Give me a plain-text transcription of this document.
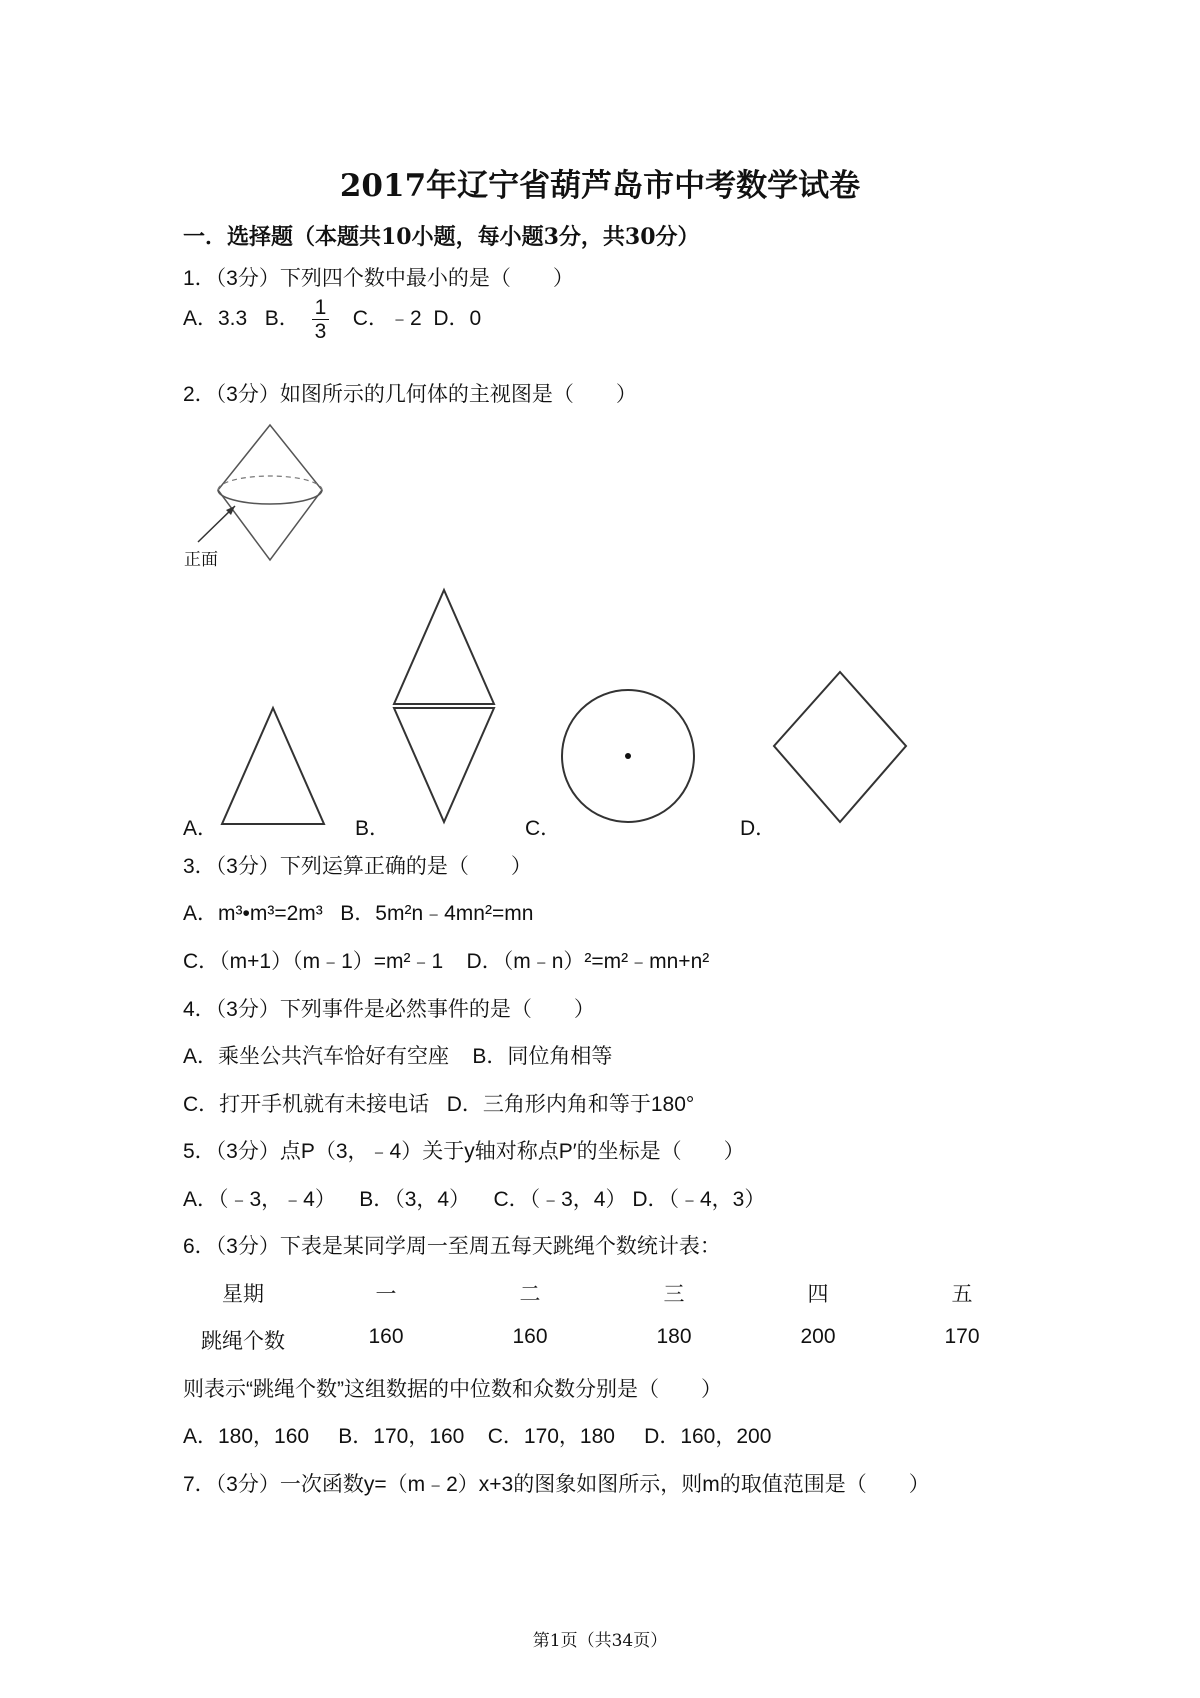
2017年辽宁省葫芦岛市中考数学试卷
一．选择题（本题共10小题，每小题3分，共30分）
1．（3分）下列四个数中最小的是（　　）
A．3.3 B． $\frac{1}{3}$ C．﹣2 D．0
2．（3分）如图所示的几何体的主视图是（　　）
正面
A．	B．	C．	D．
3．（3分）下列运算正确的是（　　）
A．m³•m³=2m³ B．5m²n﹣4mn²=mn
C．（m+1）（m﹣1）=m²﹣1 D．（m﹣n）²=m²﹣mn+n²
4．（3分）下列事件是必然事件的是（　　）
A．乘坐公共汽车恰好有空座 B．同位角相等
C．打开手机就有未接电话 D．三角形内角和等于180°
5．（3分）点P（3，﹣4）关于y轴对称点P′的坐标是（　　）
A．（﹣3，﹣4） B．（3，4） C．（﹣3，4） D．（﹣4，3）
6．（3分）下表是某同学周一至周五每天跳绳个数统计表：
星期	一	二	三	四	五
跳绳个数	160	160	180	200	170
则表示“跳绳个数”这组数据的中位数和众数分别是（　　）
A．180，160 B．170，160 C．170，180 D．160，200
7．（3分）一次函数y=（m﹣2）x+3的图象如图所示，则m的取值范围是（　　）
第1页（共34页）
